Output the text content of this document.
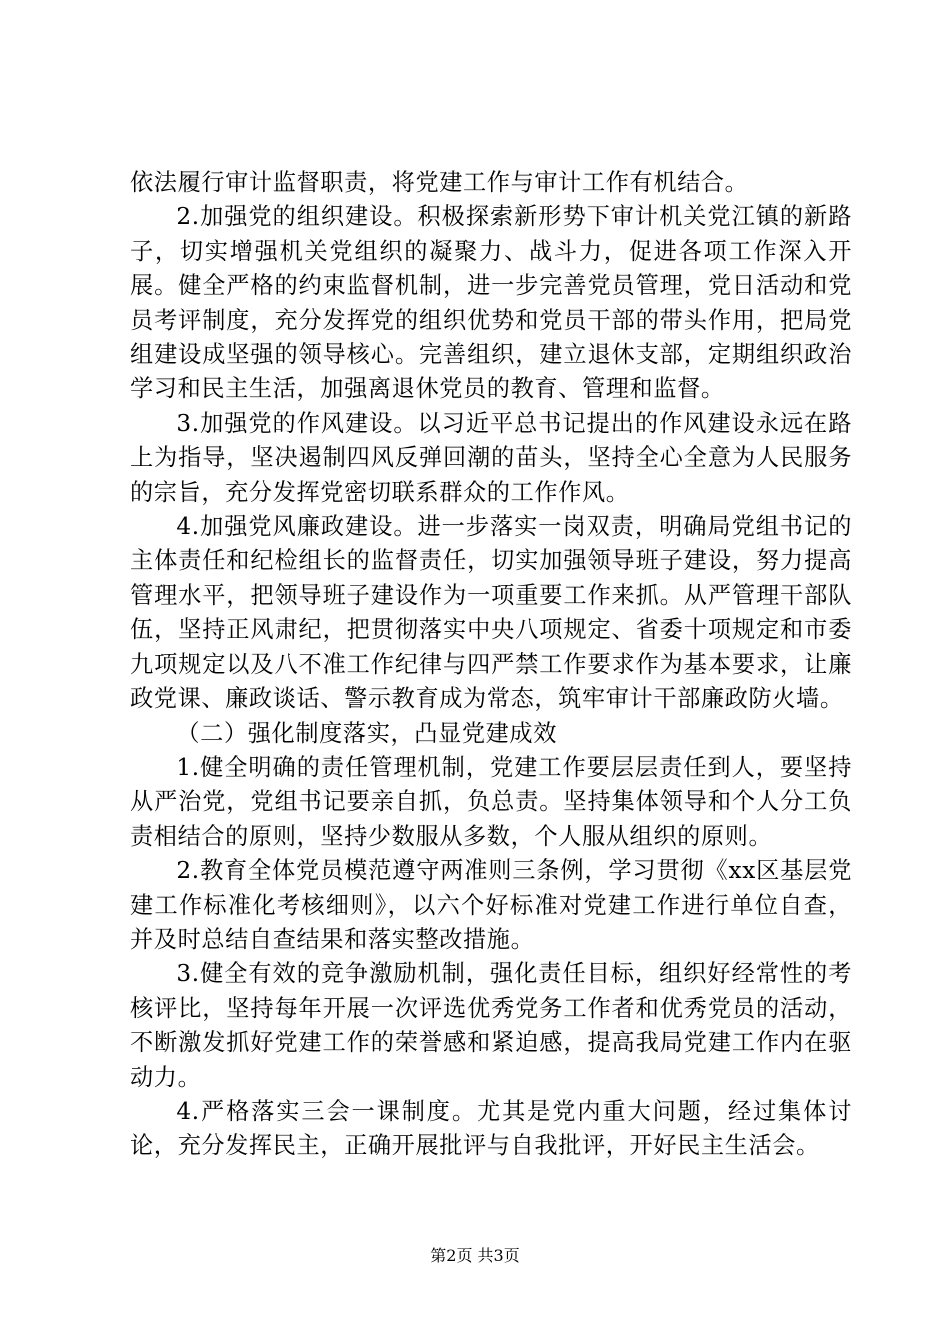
依法履行审计监督职责，将党建工作与审计工作有机结合。

2.加强党的组织建设。积极探索新形势下审计机关党江镇的新路子，切实增强机关党组织的凝聚力、战斗力，促进各项工作深入开展。健全严格的约束监督机制，进一步完善党员管理，党日活动和党员考评制度，充分发挥党的组织优势和党员干部的带头作用，把局党组建设成坚强的领导核心。完善组织，建立退休支部，定期组织政治学习和民主生活，加强离退休党员的教育、管理和监督。

3.加强党的作风建设。以习近平总书记提出的作风建设永远在路上为指导，坚决遏制四风反弹回潮的苗头，坚持全心全意为人民服务的宗旨，充分发挥党密切联系群众的工作作风。

4.加强党风廉政建设。进一步落实一岗双责，明确局党组书记的主体责任和纪检组长的监督责任，切实加强领导班子建设，努力提高管理水平，把领导班子建设作为一项重要工作来抓。从严管理干部队伍，坚持正风肃纪，把贯彻落实中央八项规定、省委十项规定和市委九项规定以及八不准工作纪律与四严禁工作要求作为基本要求，让廉政党课、廉政谈话、警示教育成为常态，筑牢审计干部廉政防火墙。

（二）强化制度落实，凸显党建成效

1.健全明确的责任管理机制，党建工作要层层责任到人，要坚持从严治党，党组书记要亲自抓，负总责。坚持集体领导和个人分工负责相结合的原则，坚持少数服从多数，个人服从组织的原则。

2.教育全体党员模范遵守两准则三条例，学习贯彻《xx区基层党建工作标准化考核细则》，以六个好标准对党建工作进行单位自查，并及时总结自查结果和落实整改措施。

3.健全有效的竞争激励机制，强化责任目标，组织好经常性的考核评比，坚持每年开展一次评选优秀党务工作者和优秀党员的活动，不断激发抓好党建工作的荣誉感和紧迫感，提高我局党建工作内在驱动力。

4.严格落实三会一课制度。尤其是党内重大问题，经过集体讨论，充分发挥民主，正确开展批评与自我批评，开好民主生活会。

第2页 共3页
